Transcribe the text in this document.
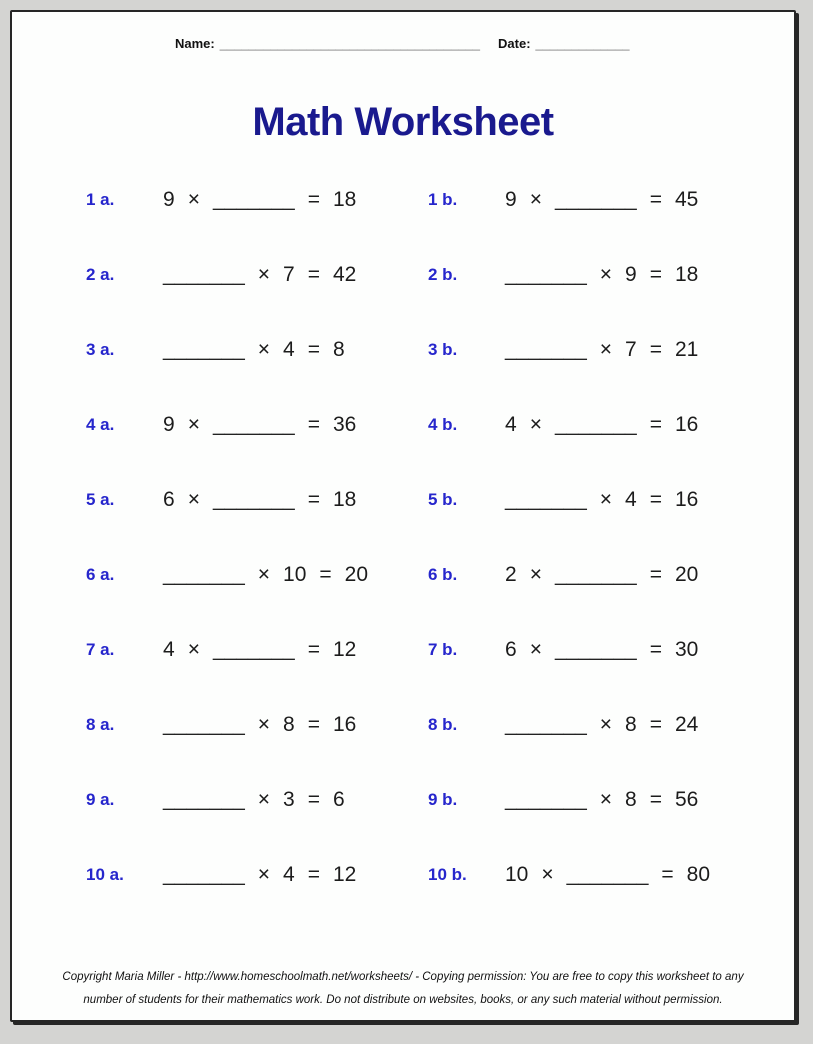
Name: ____________________________________ Date: _____________
Math Worksheet
1 a.	9 × _______ = 18	1 b.	9 × _______ = 45
2 a.	_______ × 7 = 42	2 b.	_______ × 9 = 18
3 a.	_______ × 4 = 8	3 b.	_______ × 7 = 21
4 a.	9 × _______ = 36	4 b.	4 × _______ = 16
5 a.	6 × _______ = 18	5 b.	_______ × 4 = 16
6 a.	_______ × 10 = 20	6 b.	2 × _______ = 20
7 a.	4 × _______ = 12	7 b.	6 × _______ = 30
8 a.	_______ × 8 = 16	8 b.	_______ × 8 = 24
9 a.	_______ × 3 = 6	9 b.	_______ × 8 = 56
10 a.	_______ × 4 = 12	10 b.	10 × _______ = 80
Copyright Maria Miller - http://www.homeschoolmath.net/worksheets/ - Copying permission: You are free to copy this worksheet to any
number of students for their mathematics work. Do not distribute on websites, books, or any such material without permission.
